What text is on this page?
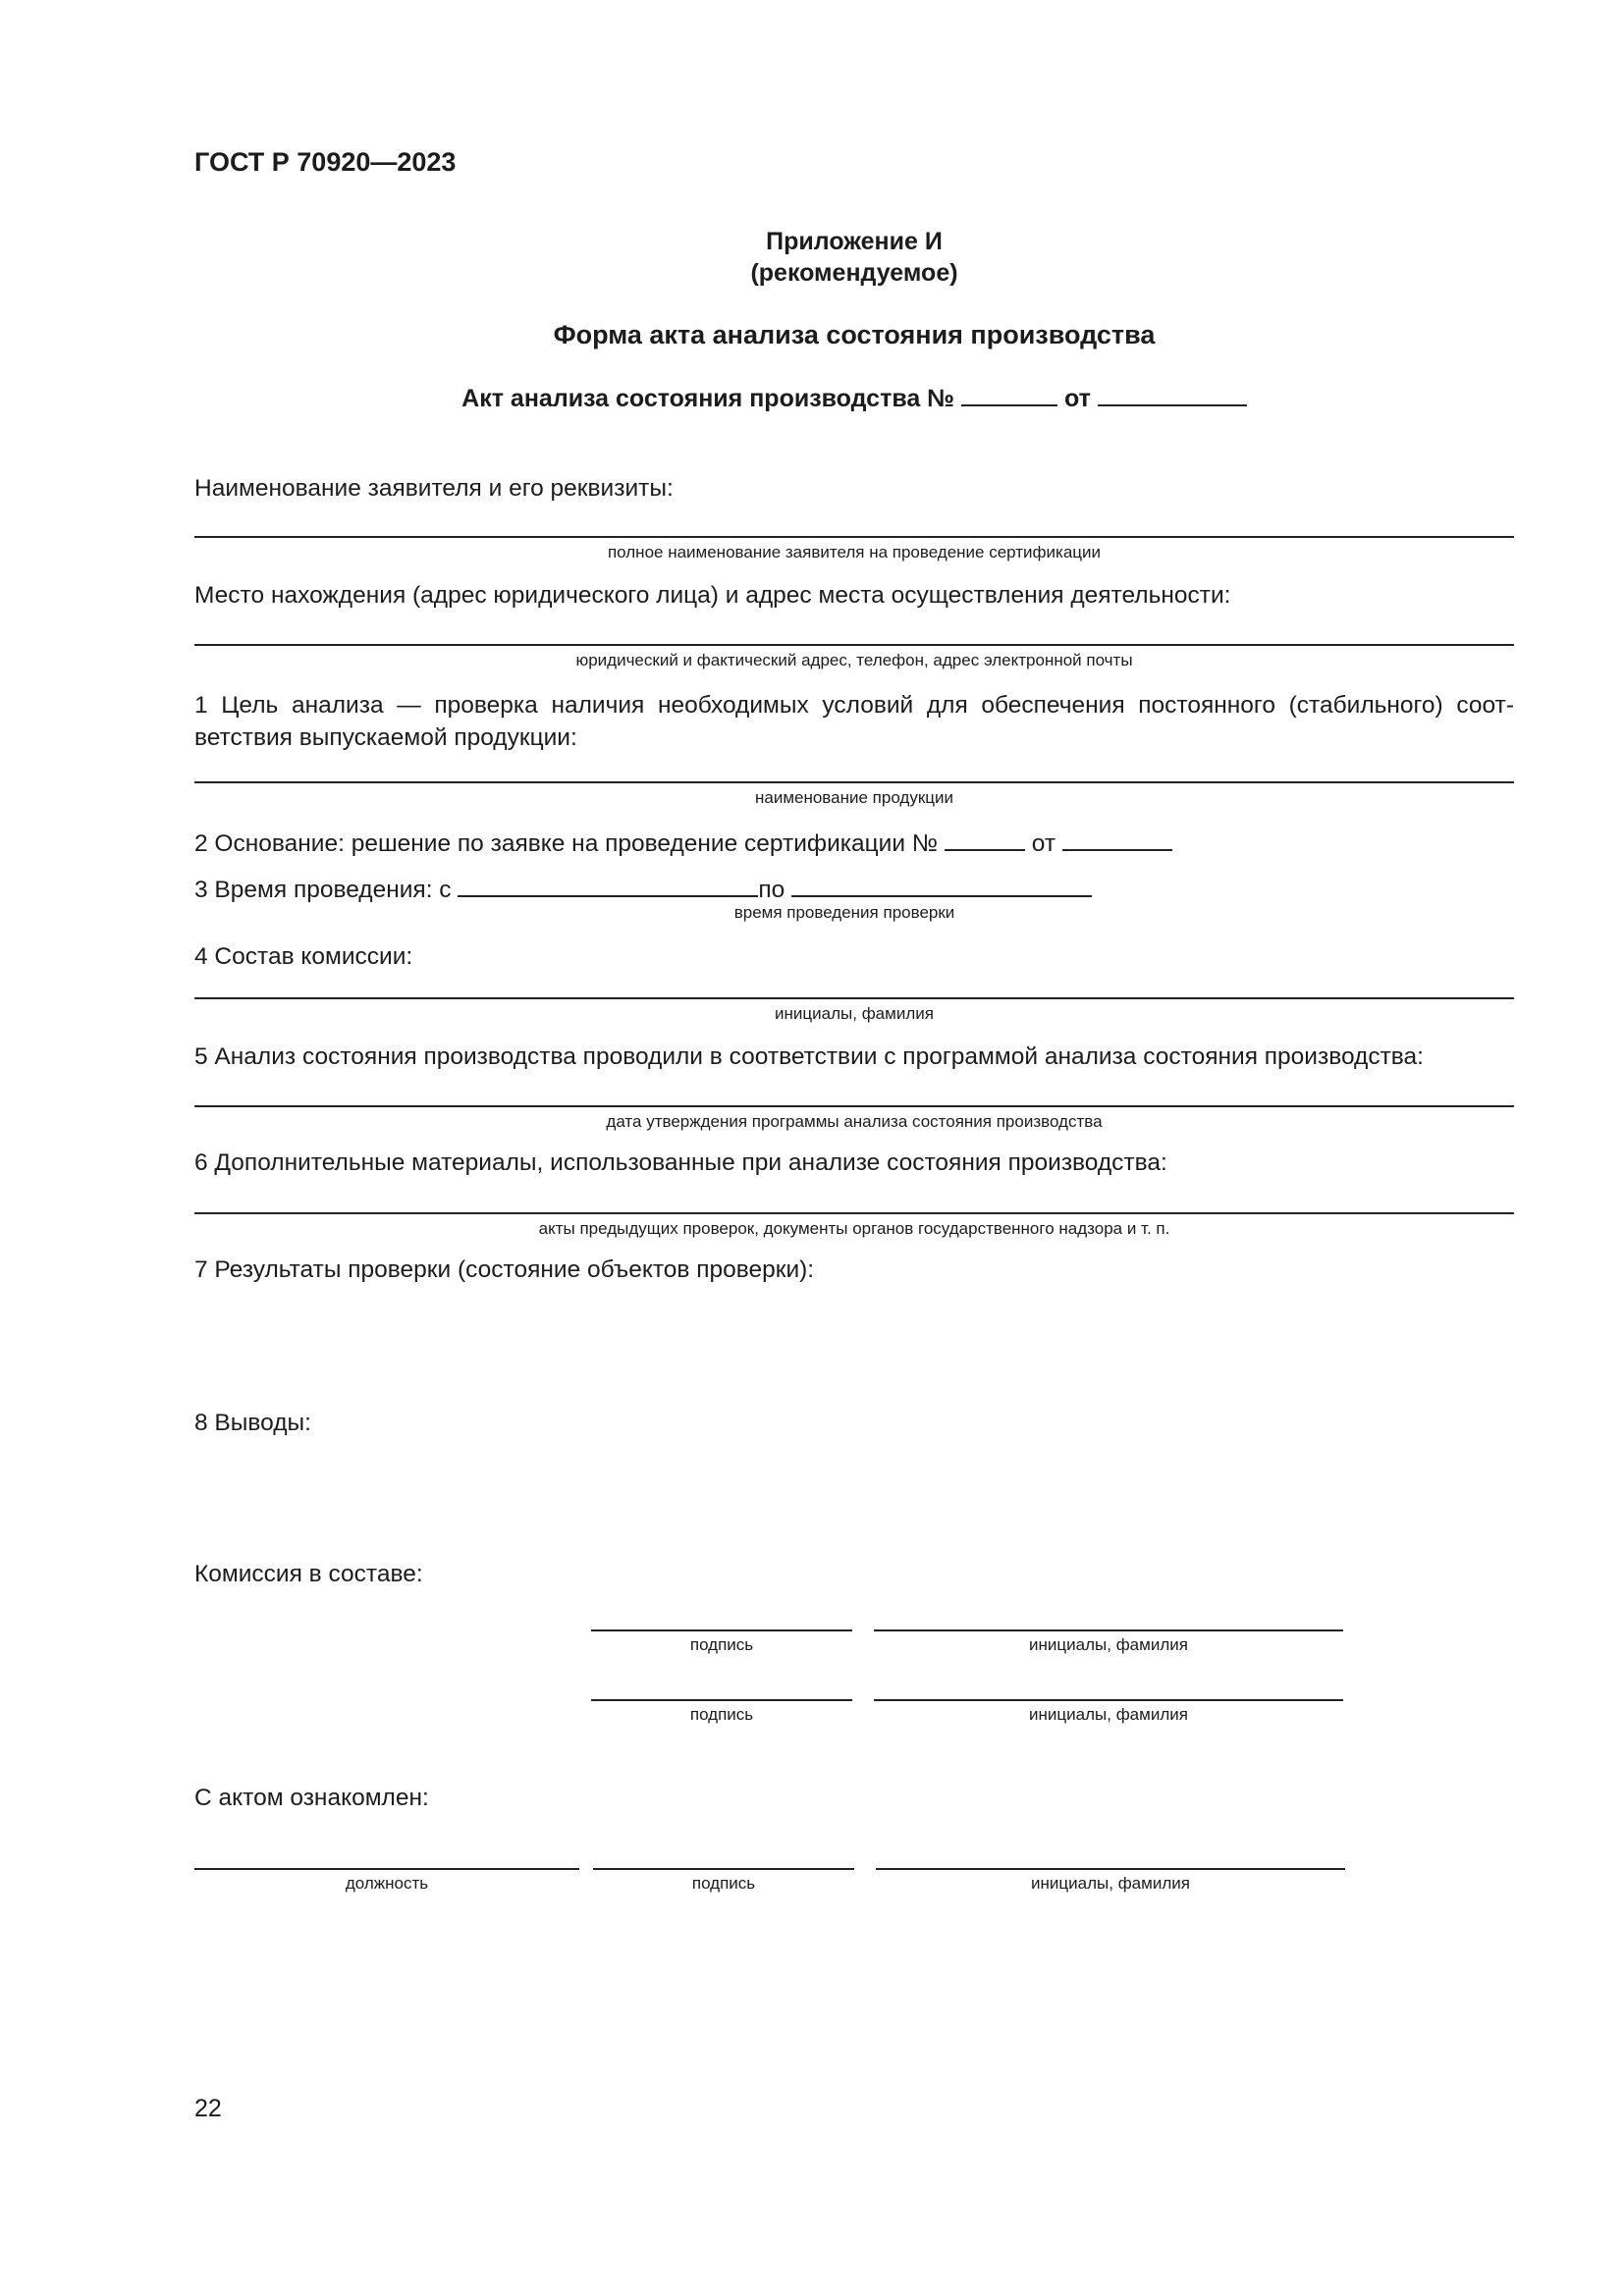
ГОСТ Р 70920—2023
Приложение И
(рекомендуемое)
Форма акта анализа состояния производства
Акт анализа состояния производства №	от
Наименование заявителя и его реквизиты:
полное наименование заявителя на проведение сертификации
Место нахождения (адрес юридического лица) и адрес места осуществления деятельности:
юридический и фактический адрес, телефон, адрес электронной почты
1 Цель анализа — проверка наличия необходимых условий для обеспечения постоянного (стабильного) соот-ветствия выпускаемой продукции:
наименование продукции
2 Основание: решение по заявке на проведение сертификации №	от
3 Время проведения: с	по
время проведения проверки
4 Состав комиссии:
инициалы, фамилия
5 Анализ состояния производства проводили в соответствии с программой анализа состояния производства:
дата утверждения программы анализа состояния производства
6 Дополнительные материалы, использованные при анализе состояния производства:
акты предыдущих проверок, документы органов государственного надзора и т. п.
7 Результаты проверки (состояние объектов проверки):
8 Выводы:
Комиссия в составе:
подпись	инициалы, фамилия
подпись	инициалы, фамилия
С актом ознакомлен:
должность	подпись	инициалы, фамилия
22
